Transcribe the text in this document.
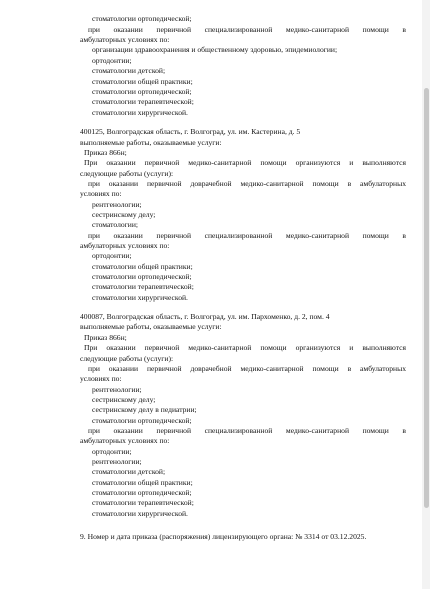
стоматологии ортопедической;
при оказании первичной специализированной медико-санитарной помощи в
амбулаторных условиях по:
организации здравоохранения и общественному здоровью, эпидемиологии;
ортодонтии;
стоматологии детской;
стоматологии общей практики;
стоматологии ортопедической;
стоматологии терапевтической;
стоматологии хирургической.
400125, Волгоградская область, г. Волгоград, ул. им. Кастерина, д. 5
выполняемые работы, оказываемые услуги:
Приказ 866н;
При оказании первичной медико-санитарной помощи организуются и выполняются
следующие работы (услуги):
при оказании первичной доврачебной медико-санитарной помощи в амбулаторных
условиях по:
рентгенологии;
сестринскому делу;
стоматологии;
при оказании первичной специализированной медико-санитарной помощи в
амбулаторных условиях по:
ортодонтии;
стоматологии общей практики;
стоматологии ортопедической;
стоматологии терапевтической;
стоматологии хирургической.
400087, Волгоградская область, г. Волгоград, ул. им. Пархоменко, д. 2, пом. 4
выполняемые работы, оказываемые услуги:
Приказ 866н;
При оказании первичной медико-санитарной помощи организуются и выполняются
следующие работы (услуги):
при оказании первичной доврачебной медико-санитарной помощи в амбулаторных
условиях по:
рентгенологии;
сестринскому делу;
сестринскому делу в педиатрии;
стоматологии ортопедической;
при оказании первичной специализированной медико-санитарной помощи в
амбулаторных условиях по:
ортодонтии;
рентгенологии;
стоматологии детской;
стоматологии общей практики;
стоматологии ортопедической;
стоматологии терапевтической;
стоматологии хирургической.
9. Номер и дата приказа (распоряжения) лицензирующего органа: № 3314 от 03.12.2025.
